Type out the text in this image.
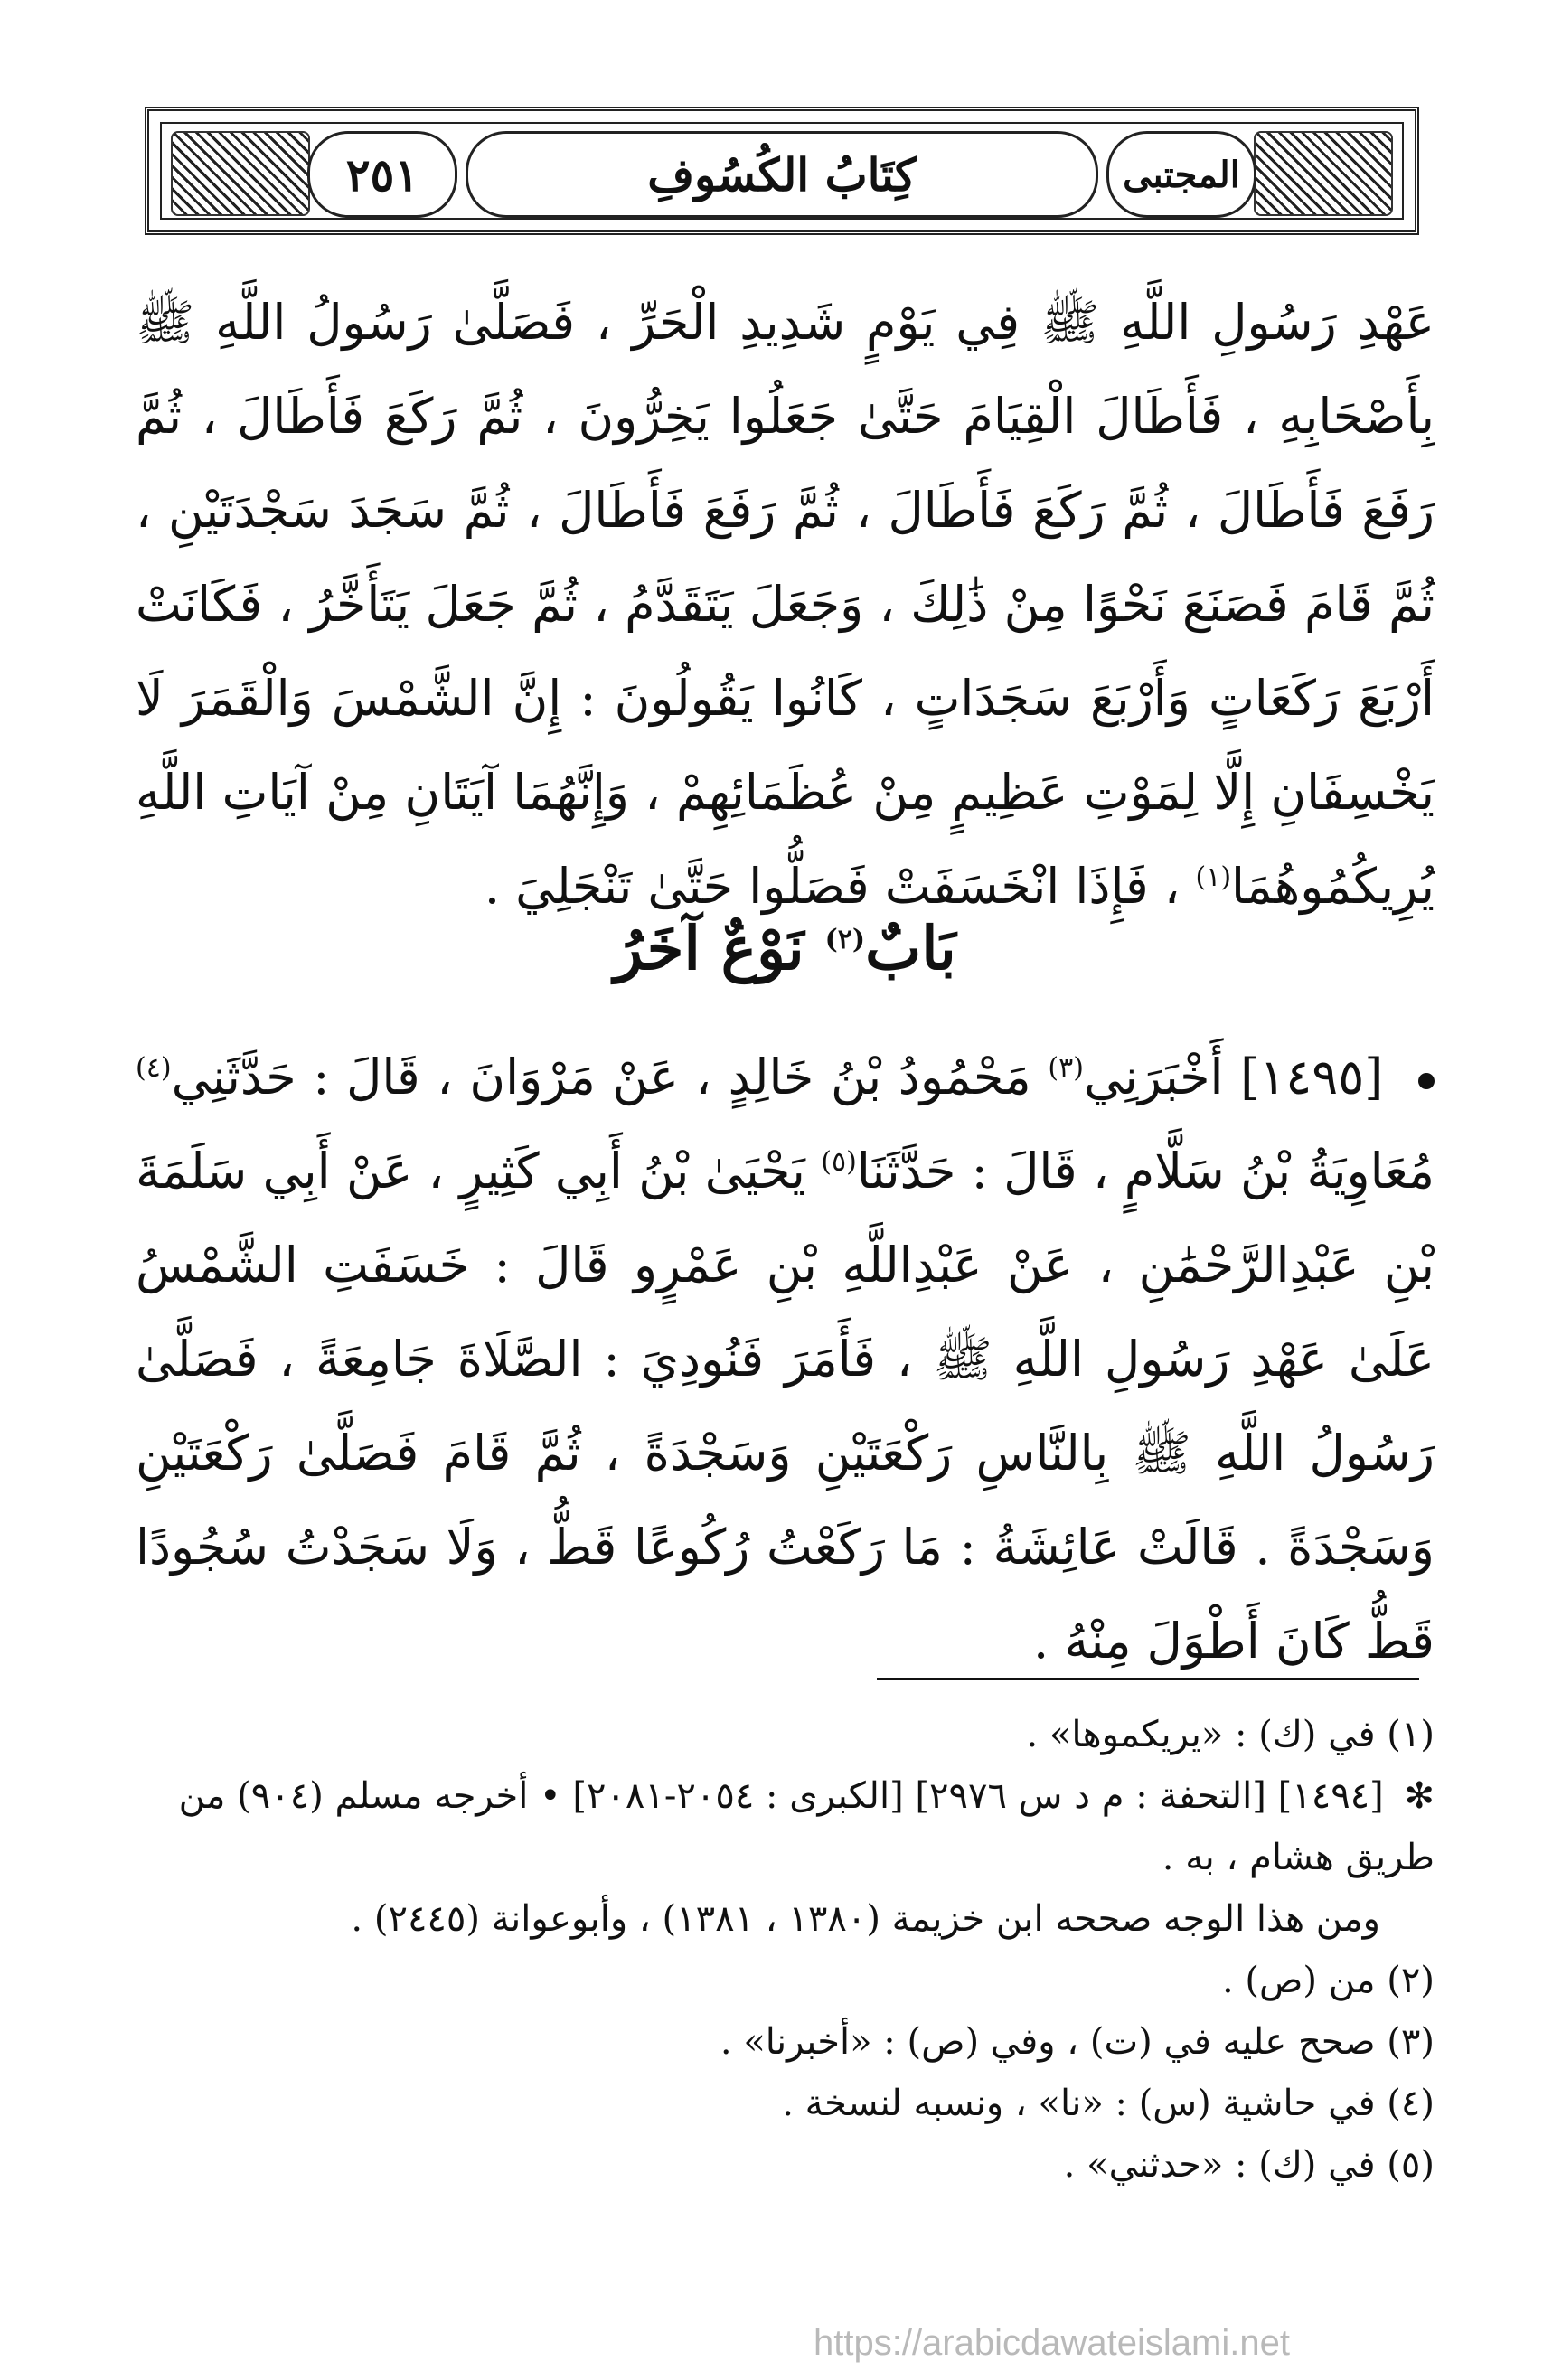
٢٥١	كِتَابُ الكُسُوفِ	المجتبى

عَهْدِ رَسُولِ اللَّهِ ﷺ فِي يَوْمٍ شَدِيدِ الْحَرِّ ، فَصَلَّىٰ رَسُولُ اللَّهِ ﷺ بِأَصْحَابِهِ ، فَأَطَالَ الْقِيَامَ حَتَّىٰ جَعَلُوا يَخِرُّونَ ، ثُمَّ رَكَعَ فَأَطَالَ ، ثُمَّ رَفَعَ فَأَطَالَ ، ثُمَّ رَكَعَ فَأَطَالَ ، ثُمَّ رَفَعَ فَأَطَالَ ، ثُمَّ سَجَدَ سَجْدَتَيْنِ ، ثُمَّ قَامَ فَصَنَعَ نَحْوًا مِنْ ذَٰلِكَ ، وَجَعَلَ يَتَقَدَّمُ ، ثُمَّ جَعَلَ يَتَأَخَّرُ ، فَكَانَتْ أَرْبَعَ رَكَعَاتٍ وَأَرْبَعَ سَجَدَاتٍ ، كَانُوا يَقُولُونَ : إِنَّ الشَّمْسَ وَالْقَمَرَ لَا يَخْسِفَانِ إِلَّا لِمَوْتِ عَظِيمٍ مِنْ عُظَمَائِهِمْ ، وَإِنَّهُمَا آيَتَانِ مِنْ آيَاتِ اللَّهِ يُرِيكُمُوهُمَا$^{(١)}$ ، فَإِذَا انْخَسَفَتْ فَصَلُّوا حَتَّىٰ تَنْجَلِيَ .

بَابٌ$^{(٢)}$ نَوْعٌ آخَرُ

[١٤٩٥] أَخْبَرَنِي$^{(٣)}$ مَحْمُودُ بْنُ خَالِدٍ ، عَنْ مَرْوَانَ ، قَالَ : حَدَّثَنِي$^{(٤)}$ مُعَاوِيَةُ بْنُ سَلَّامٍ ، قَالَ : حَدَّثَنَا$^{(٥)}$ يَحْيَىٰ بْنُ أَبِي كَثِيرٍ ، عَنْ أَبِي سَلَمَةَ بْنِ عَبْدِالرَّحْمَٰنِ ، عَنْ عَبْدِاللَّهِ بْنِ عَمْرٍو قَالَ : خَسَفَتِ الشَّمْسُ عَلَىٰ عَهْدِ رَسُولِ اللَّهِ ﷺ ، فَأَمَرَ فَنُودِيَ : الصَّلَاةَ جَامِعَةً ، فَصَلَّىٰ رَسُولُ اللَّهِ ﷺ بِالنَّاسِ رَكْعَتَيْنِ وَسَجْدَةً ، ثُمَّ قَامَ فَصَلَّىٰ رَكْعَتَيْنِ وَسَجْدَةً . قَالَتْ عَائِشَةُ : مَا رَكَعْتُ رُكُوعًا قَطُّ ، وَلَا سَجَدْتُ سُجُودًا قَطُّ كَانَ أَطْوَلَ مِنْهُ .

(١) في (ك) : «يريكموها» .

✻ [١٤٩٤] [التحفة : م د س ٢٩٧٦] [الكبرى : ٢٠٥٤-٢٠٨١] • أخرجه مسلم (٩٠٤) من طريق هشام ، به .

ومن هذا الوجه صححه ابن خزيمة (١٣٨٠ ، ١٣٨١) ، وأبوعوانة (٢٤٤٥) .

(٢) من (ص) .

(٣) صحح عليه في (ت) ، وفي (ص) : «أخبرنا» .

(٤) في حاشية (س) : «نا» ، ونسبه لنسخة .

(٥) في (ك) : «حدثني» .

https://arabicdawateislami.net
